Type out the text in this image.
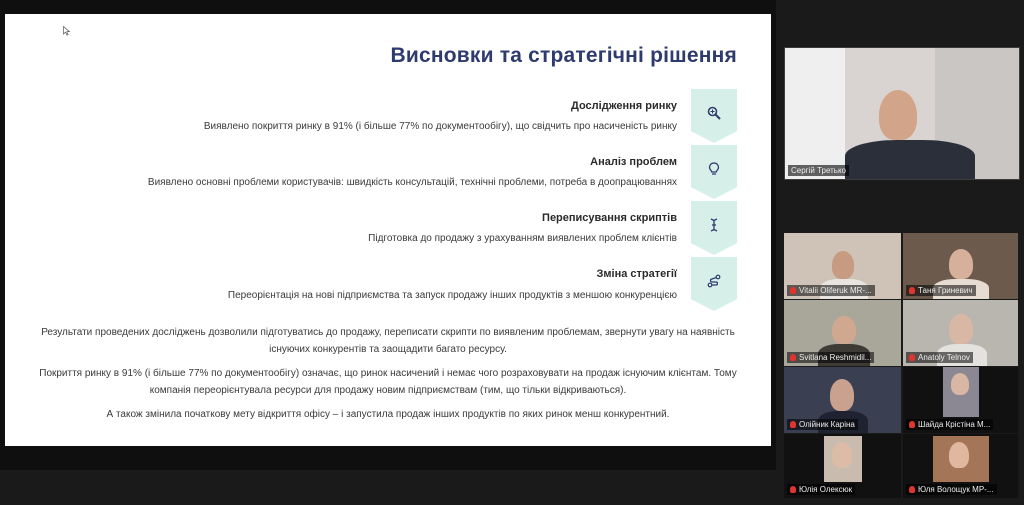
Висновки та стратегічні рішення
Дослідження ринку
Виявлено покриття ринку в 91% (і більше 77% по документообігу), що свідчить про насиченість ринку
Аналіз проблем
Виявлено основні проблеми користувачів: швидкість консультацій, технічні проблеми, потреба в доопрацюваннях
Переписування скриптів
Підготовка до продажу з урахуванням виявлених проблем клієнтів
Зміна стратегії
Переорієнтація на нові підприємства та запуск продажу інших продуктів з меншою конкуренцією
Результати проведених досліджень дозволили підготуватись до продажу, переписати скрипти по виявленим проблемам, звернути увагу на наявність
існуючих конкурентів та заощадити багато ресурсу.
Покриття ринку в 91% (і більше 77% по документообігу) означає, що ринок насичений і немає чого розраховувати на продаж існуючим клієнтам. Тому
компанія переорієнтувала ресурси для продажу новим підприємствам (тим, що тільки відкриваються).
А також змінила початкову мету відкриття офісу – і запустила продаж інших продуктів по яких ринок менш конкурентний.
Сергій Третько
Vitalii Oliferuk MR-...	Таня Гриневич
Svitlana Reshmidil...	Anatoly Telnov
Олійник Каріна	Шайда Крістіна М...
Юлія Олексюк	Юля Волощук МР-...
